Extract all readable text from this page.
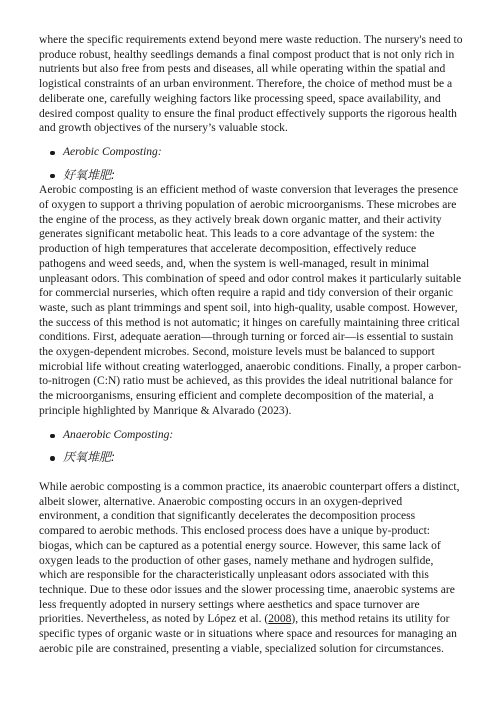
where the specific requirements extend beyond mere waste reduction. The nursery's need to produce robust, healthy seedlings demands a final compost product that is not only rich in nutrients but also free from pests and diseases, all while operating within the spatial and logistical constraints of an urban environment. Therefore, the choice of method must be a deliberate one, carefully weighing factors like processing speed, space availability, and desired compost quality to ensure the final product effectively supports the rigorous health and growth objectives of the nursery’s valuable stock.

Aerobic Composting:
好氧堆肥:

Aerobic composting is an efficient method of waste conversion that leverages the presence of oxygen to support a thriving population of aerobic microorganisms. These microbes are the engine of the process, as they actively break down organic matter, and their activity generates significant metabolic heat. This leads to a core advantage of the system: the production of high temperatures that accelerate decomposition, effectively reduce pathogens and weed seeds, and, when the system is well-managed, result in minimal unpleasant odors. This combination of speed and odor control makes it particularly suitable for commercial nurseries, which often require a rapid and tidy conversion of their organic waste, such as plant trimmings and spent soil, into high-quality, usable compost. However, the success of this method is not automatic; it hinges on carefully maintaining three critical conditions. First, adequate aeration—through turning or forced air—is essential to sustain the oxygen-dependent microbes. Second, moisture levels must be balanced to support microbial life without creating waterlogged, anaerobic conditions. Finally, a proper carbon-to-nitrogen (C:N) ratio must be achieved, as this provides the ideal nutritional balance for the microorganisms, ensuring efficient and complete decomposition of the material, a principle highlighted by Manrique & Alvarado (2023).

Anaerobic Composting:
厌氧堆肥:

While aerobic composting is a common practice, its anaerobic counterpart offers a distinct, albeit slower, alternative. Anaerobic composting occurs in an oxygen-deprived environment, a condition that significantly decelerates the decomposition process compared to aerobic methods. This enclosed process does have a unique by-product: biogas, which can be captured as a potential energy source. However, this same lack of oxygen leads to the production of other gases, namely methane and hydrogen sulfide, which are responsible for the characteristically unpleasant odors associated with this technique. Due to these odor issues and the slower processing time, anaerobic systems are less frequently adopted in nursery settings where aesthetics and space turnover are priorities. Nevertheless, as noted by López et al. (2008), this method retains its utility for specific types of organic waste or in situations where space and resources for managing an aerobic pile are constrained, presenting a viable, specialized solution for circumstances.
